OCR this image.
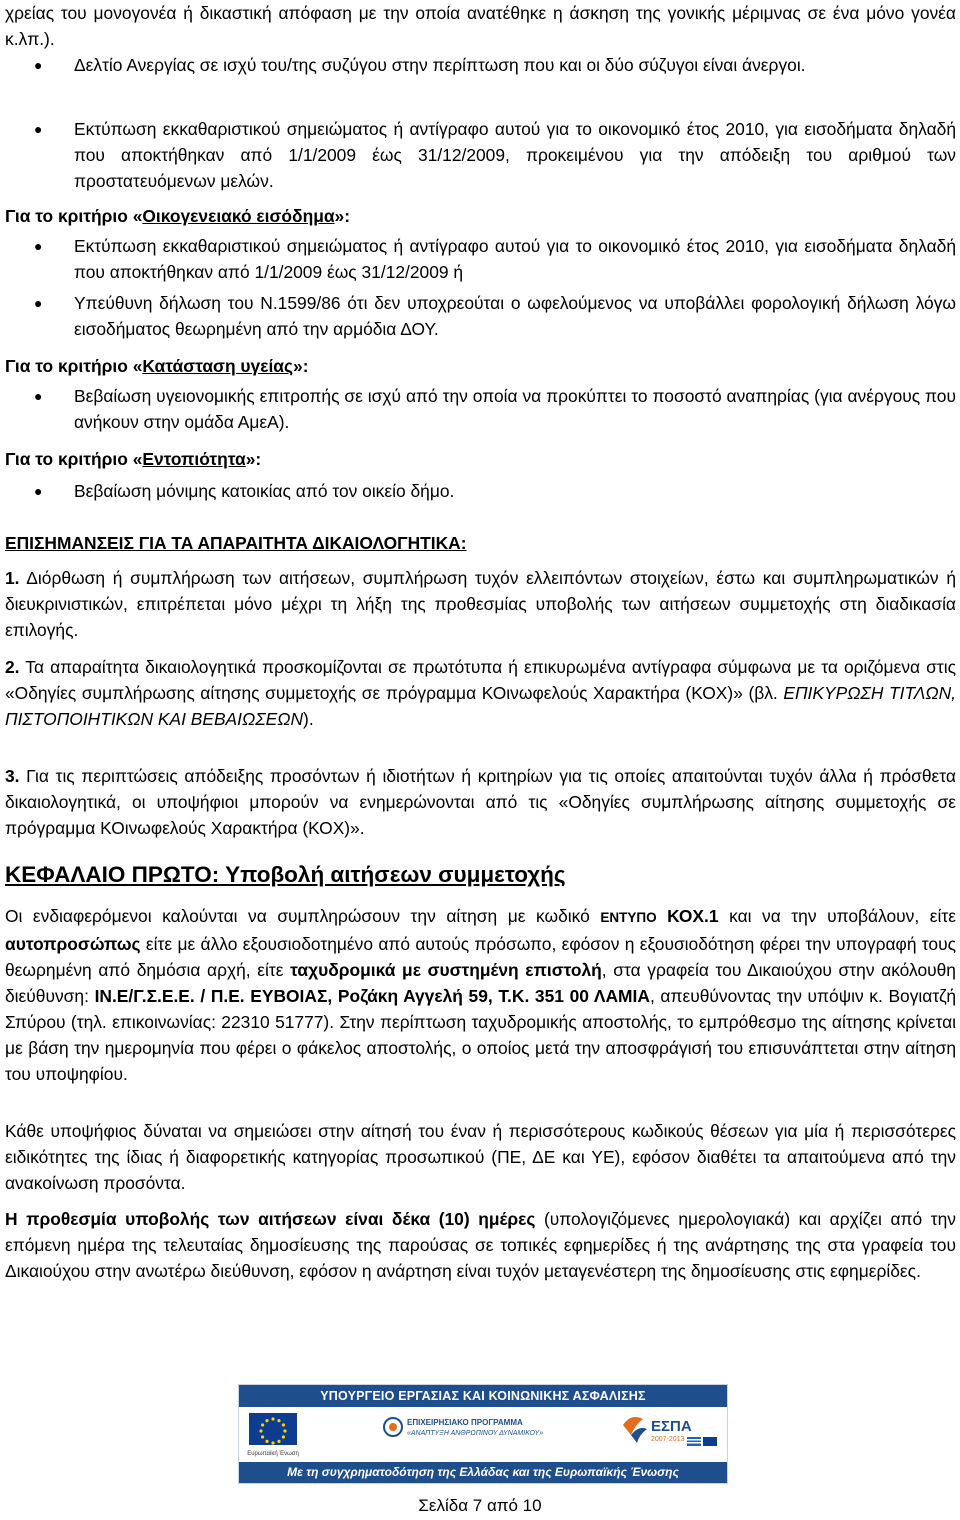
χρείας του μονογονέα ή δικαστική απόφαση με την οποία ανατέθηκε η άσκηση της γονικής μέριμνας σε ένα μόνο γονέα κ.λπ.).
● Δελτίο Ανεργίας σε ισχύ του/της συζύγου στην περίπτωση που και οι δύο σύζυγοι είναι άνεργοι.
● Εκτύπωση εκκαθαριστικού σημειώματος ή αντίγραφο αυτού για το οικονομικό έτος 2010, για εισοδήματα δηλαδή που αποκτήθηκαν από 1/1/2009 έως 31/12/2009, προκειμένου για την απόδειξη του αριθμού των προστατευόμενων μελών.
Για το κριτήριο «Οικογενειακό εισόδημα»:
● Εκτύπωση εκκαθαριστικού σημειώματος ή αντίγραφο αυτού για το οικονομικό έτος 2010, για εισοδήματα δηλαδή που αποκτήθηκαν από 1/1/2009 έως 31/12/2009 ή
● Υπεύθυνη δήλωση του Ν.1599/86 ότι δεν υποχρεούται ο ωφελούμενος να υποβάλλει φορολογική δήλωση λόγω εισοδήματος θεωρημένη από την αρμόδια ΔΟΥ.
Για το κριτήριο «Κατάσταση υγείας»:
● Βεβαίωση υγειονομικής επιτροπής σε ισχύ από την οποία να προκύπτει το ποσοστό αναπηρίας (για ανέργους που ανήκουν στην ομάδα ΑμεΑ).
Για το κριτήριο «Εντοπιότητα»:
● Βεβαίωση μόνιμης κατοικίας από τον οικείο δήμο.
ΕΠΙΣΗΜΑΝΣΕΙΣ ΓΙΑ ΤΑ ΑΠΑΡΑΙΤΗΤΑ ΔΙΚΑΙΟΛΟΓΗΤΙΚΑ:
1. Διόρθωση ή συμπλήρωση των αιτήσεων, συμπλήρωση τυχόν ελλειπόντων στοιχείων, έστω και συμπληρωματικών ή διευκρινιστικών, επιτρέπεται μόνο μέχρι τη λήξη της προθεσμίας υποβολής των αιτήσεων συμμετοχής στη διαδικασία επιλογής.
2. Τα απαραίτητα δικαιολογητικά προσκομίζονται σε πρωτότυπα ή επικυρωμένα αντίγραφα σύμφωνα με τα οριζόμενα στις «Οδηγίες συμπλήρωσης αίτησης συμμετοχής σε πρόγραμμα ΚΟινωφελούς Χαρακτήρα (ΚΟΧ)» (βλ. ΕΠΙΚΥΡΩΣΗ ΤΙΤΛΩΝ, ΠΙΣΤΟΠΟΙΗΤΙΚΩΝ ΚΑΙ ΒΕΒΑΙΩΣΕΩΝ).
3. Για τις περιπτώσεις απόδειξης προσόντων ή ιδιοτήτων ή κριτηρίων για τις οποίες απαιτούνται τυχόν άλλα ή πρόσθετα δικαιολογητικά, οι υποψήφιοι μπορούν να ενημερώνονται από τις «Οδηγίες συμπλήρωσης αίτησης συμμετοχής σε πρόγραμμα ΚΟινωφελούς Χαρακτήρα (ΚΟΧ)».
ΚΕΦΑΛΑΙΟ ΠΡΩΤΟ: Υποβολή αιτήσεων συμμετοχής
Οι ενδιαφερόμενοι καλούνται να συμπληρώσουν την αίτηση με κωδικό ΕΝΤΥΠΟ ΚΟΧ.1 και να την υποβάλουν, είτε αυτοπροσώπως είτε με άλλο εξουσιοδοτημένο από αυτούς πρόσωπο, εφόσον η εξουσιοδότηση φέρει την υπογραφή τους θεωρημένη από δημόσια αρχή, είτε ταχυδρομικά με συστημένη επιστολή, στα γραφεία του Δικαιούχου στην ακόλουθη διεύθυνση: ΙΝ.Ε/Γ.Σ.Ε.Ε. / Π.Ε. ΕΥΒΟΙΑΣ, Ροζάκη Αγγελή 59, Τ.Κ. 351 00 ΛΑΜΙΑ, απευθύνοντας την υπόψιν κ. Βογιατζή Σπύρου (τηλ. επικοινωνίας: 22310 51777). Στην περίπτωση ταχυδρομικής αποστολής, το εμπρόθεσμο της αίτησης κρίνεται με βάση την ημερομηνία που φέρει ο φάκελος αποστολής, ο οποίος μετά την αποσφράγισή του επισυνάπτεται στην αίτηση του υποψηφίου.
Κάθε υποψήφιος δύναται να σημειώσει στην αίτησή του έναν ή περισσότερους κωδικούς θέσεων για μία ή περισσότερες ειδικότητες της ίδιας ή διαφορετικής κατηγορίας προσωπικού (ΠΕ, ΔΕ και ΥΕ), εφόσον διαθέτει τα απαιτούμενα από την ανακοίνωση προσόντα.
Η προθεσμία υποβολής των αιτήσεων είναι δέκα (10) ημέρες (υπολογιζόμενες ημερολογιακά) και αρχίζει από την επόμενη ημέρα της τελευταίας δημοσίευσης της παρούσας σε τοπικές εφημερίδες ή της ανάρτησης της στα γραφεία του Δικαιούχου στην ανωτέρω διεύθυνση, εφόσον η ανάρτηση είναι τυχόν μεταγενέστερη της δημοσίευσης στις εφημερίδες.
ΥΠΟΥΡΓΕΙΟ ΕΡΓΑΣΙΑΣ ΚΑΙ ΚΟΙΝΩΝΙΚΗΣ ΑΣΦΑΛΙΣΗΣ
Ευρωπαϊκή Ένωση
ΕΠΙΧΕΙΡΗΣΙΑΚΟ ΠΡΟΓΡΑΜΜΑ
«ΑΝΑΠΤΥΞΗ ΑΝΘΡΩΠΙΝΟΥ ΔΥΝΑΜΙΚΟΥ»	ΕΣΠΑ
2007-2013
Με τη συγχρηματοδότηση της Ελλάδας και της Ευρωπαϊκής Ένωσης
Σελίδα 7 από 10
